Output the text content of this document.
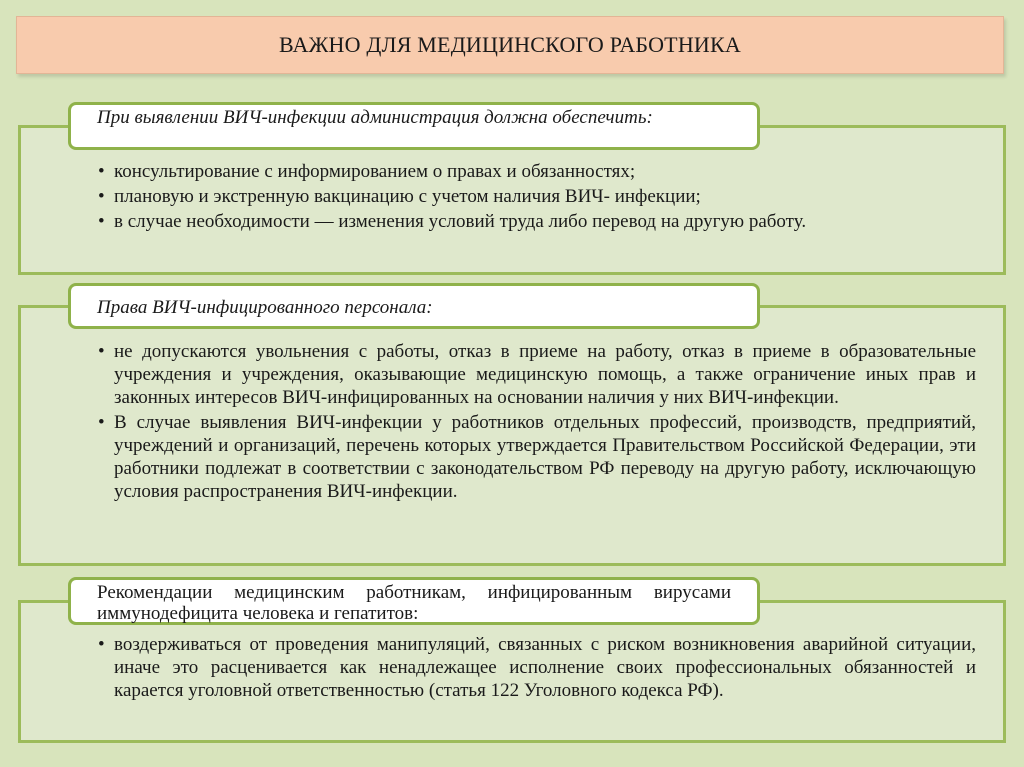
ВАЖНО ДЛЯ МЕДИЦИНСКОГО РАБОТНИКА
При выявлении ВИЧ-инфекции администрация должна обеспечить:
• консультирование с информированием о правах и обязанностях;
• плановую и экстренную вакцинацию с учетом наличия ВИЧ- инфекции;
• в случае необходимости — изменения условий труда либо перевод на другую работу.
Права ВИЧ-инфицированного персонала:
• не допускаются увольнения с работы, отказ в приеме на работу, отказ в приеме в образовательные учреждения и учреждения, оказывающие медицинскую помощь, а также ограничение иных прав и законных интересов ВИЧ-инфицированных на основании наличия у них ВИЧ-инфекции.
• В случае выявления ВИЧ-инфекции у работников отдельных профессий, производств, предприятий, учреждений и организаций, перечень которых утверждается Правительством Российской Федерации, эти работники подлежат в соответствии с законодательством РФ переводу на другую работу, исключающую условия распространения ВИЧ-инфекции.
Рекомендации медицинским работникам, инфицированным вирусами иммунодефицита человека и гепатитов:
• воздерживаться от проведения манипуляций, связанных с риском возникновения аварийной ситуации, иначе это расценивается как ненадлежащее исполнение своих профессиональных обязанностей и карается уголовной ответственностью (статья 122 Уголовного кодекса РФ).
